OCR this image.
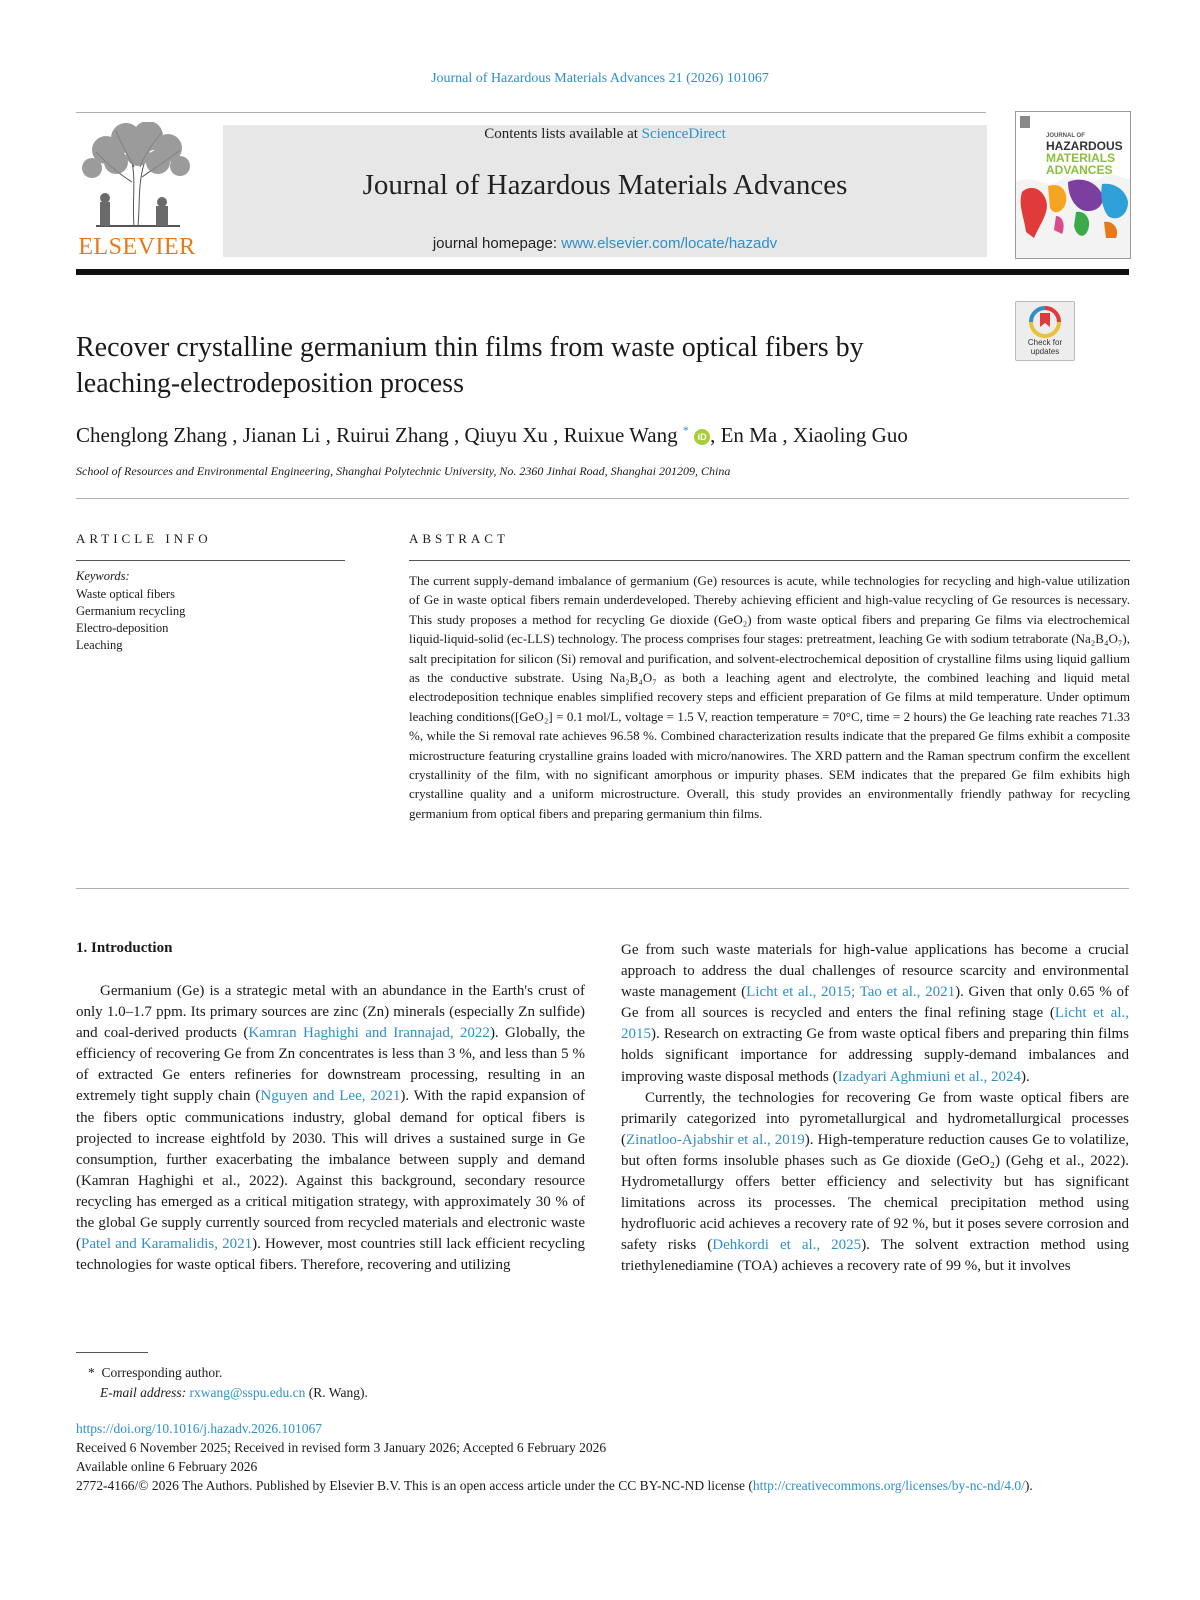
Journal of Hazardous Materials Advances 21 (2026) 101067
ELSEVIER
Contents lists available at ScienceDirect
Journal of Hazardous Materials Advances
journal homepage: www.elsevier.com/locate/hazadv
JOURNAL OF
HAZARDOUS
MATERIALS
ADVANCES
Check for updates
Recover crystalline germanium thin films from waste optical fibers by
leaching-electrodeposition process
Chenglong Zhang , Jianan Li , Ruirui Zhang , Qiuyu Xu , Ruixue Wang * iD , En Ma , Xiaoling Guo
School of Resources and Environmental Engineering, Shanghai Polytechnic University, No. 2360 Jinhai Road, Shanghai 201209, China
ARTICLE INFO
Keywords:
Waste optical fibers
Germanium recycling
Electro-deposition
Leaching
ABSTRACT
The current supply-demand imbalance of germanium (Ge) resources is acute, while technologies for recycling and high-value utilization of Ge in waste optical fibers remain underdeveloped. Thereby achieving efficient and high-value recycling of Ge resources is necessary. This study proposes a method for recycling Ge dioxide (GeO₂) from waste optical fibers and preparing Ge films via electrochemical liquid-liquid-solid (ec-LLS) technology. The process comprises four stages: pretreatment, leaching Ge with sodium tetraborate (Na₂B₄O₇), salt precipitation for silicon (Si) removal and purification, and solvent-electrochemical deposition of crystalline films using liquid gallium as the conductive substrate. Using Na₂B₄O₇ as both a leaching agent and electrolyte, the combined leaching and liquid metal electrodeposition technique enables simplified recovery steps and efficient preparation of Ge films at mild temperature. Under optimum leaching conditions([GeO₂] = 0.1 mol/L, voltage = 1.5 V, reaction temperature = 70°C, time = 2 hours) the Ge leaching rate reaches 71.33 %, while the Si removal rate achieves 96.58 %. Combined characterization results indicate that the prepared Ge films exhibit a composite microstructure featuring crystalline grains loaded with micro/nanowires. The XRD pattern and the Raman spectrum confirm the excellent crystallinity of the film, with no significant amorphous or impurity phases. SEM indicates that the prepared Ge film exhibits high crystalline quality and a uniform microstructure. Overall, this study provides an environmentally friendly pathway for recycling germanium from optical fibers and preparing germanium thin films.
1. Introduction
Germanium (Ge) is a strategic metal with an abundance in the Earth's crust of only 1.0–1.7 ppm. Its primary sources are zinc (Zn) minerals (especially Zn sulfide) and coal-derived products (Kamran Haghighi and Irannajad, 2022). Globally, the efficiency of recovering Ge from Zn concentrates is less than 3 %, and less than 5 % of extracted Ge enters refineries for downstream processing, resulting in an extremely tight supply chain (Nguyen and Lee, 2021). With the rapid expansion of the fibers optic communications industry, global demand for optical fibers is projected to increase eightfold by 2030. This will drives a sustained surge in Ge consumption, further exacerbating the imbalance between supply and demand (Kamran Haghighi et al., 2022). Against this background, secondary resource recycling has emerged as a critical mitigation strategy, with approximately 30 % of the global Ge supply currently sourced from recycled materials and electronic waste (Patel and Karamalidis, 2021). However, most countries still lack efficient recycling technologies for waste optical fibers. Therefore, recovering and utilizing

Ge from such waste materials for high-value applications has become a crucial approach to address the dual challenges of resource scarcity and environmental waste management (Licht et al., 2015; Tao et al., 2021). Given that only 0.65 % of Ge from all sources is recycled and enters the final refining stage (Licht et al., 2015). Research on extracting Ge from waste optical fibers and preparing thin films holds significant importance for addressing supply-demand imbalances and improving waste disposal methods (Izadyari Aghmiuni et al., 2024).

Currently, the technologies for recovering Ge from waste optical fibers are primarily categorized into pyrometallurgical and hydrometallurgical processes (Zinatloo-Ajabshir et al., 2019). High-temperature reduction causes Ge to volatilize, but often forms insoluble phases such as Ge dioxide (GeO₂) (Gehg et al., 2022). Hydrometallurgy offers better efficiency and selectivity but has significant limitations across its processes. The chemical precipitation method using hydrofluoric acid achieves a recovery rate of 92 %, but it poses severe corrosion and safety risks (Dehkordi et al., 2025). The solvent extraction method using triethylenediamine (TOA) achieves a recovery rate of 99 %, but it involves

* Corresponding author.
E-mail address: rxwang@sspu.edu.cn (R. Wang).
https://doi.org/10.1016/j.hazadv.2026.101067
Received 6 November 2025; Received in revised form 3 January 2026; Accepted 6 February 2026
Available online 6 February 2026
2772-4166/© 2026 The Authors. Published by Elsevier B.V. This is an open access article under the CC BY-NC-ND license (http://creativecommons.org/licenses/by-nc-nd/4.0/).
